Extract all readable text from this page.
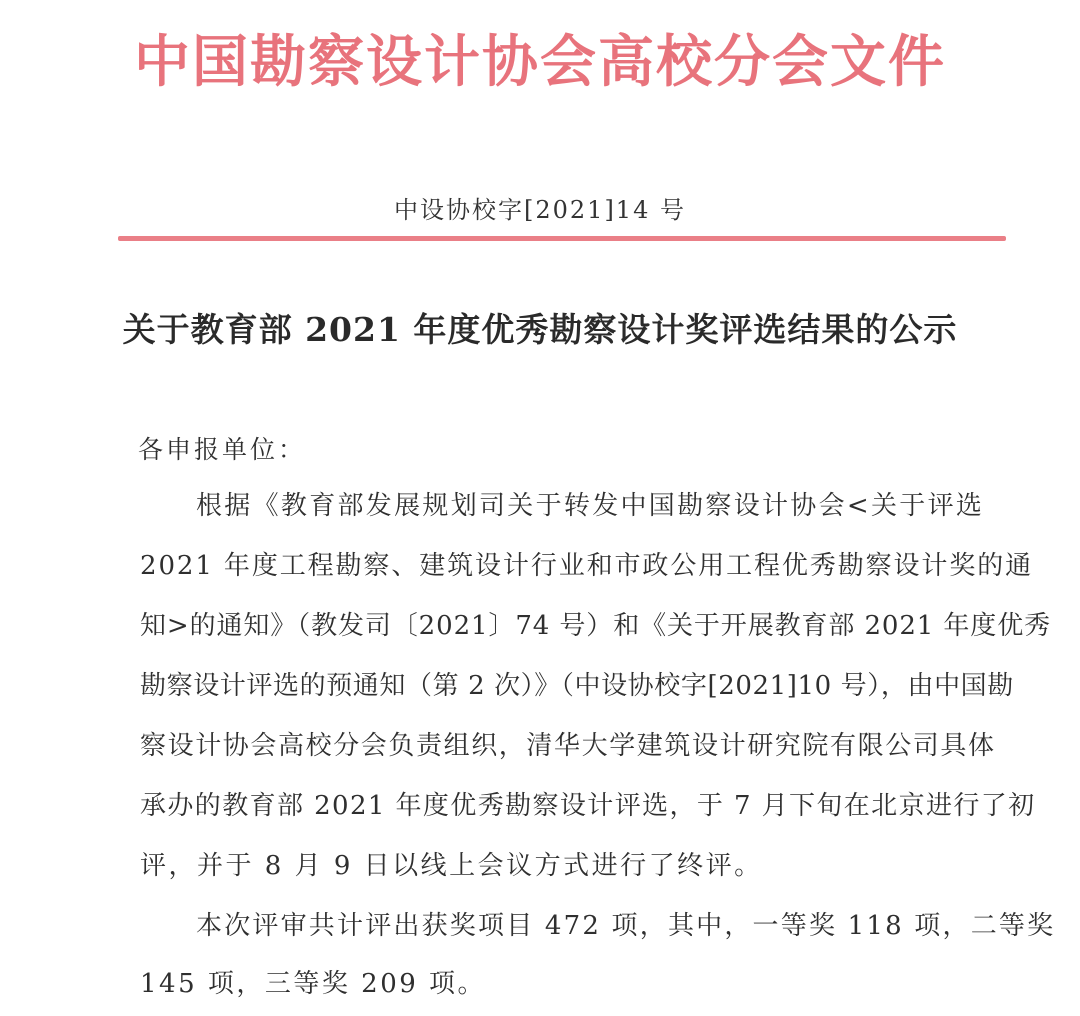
中国勘察设计协会高校分会文件
中设协校字[2021]14 号
关于教育部 2021 年度优秀勘察设计奖评选结果的公示
各申报单位：
根据《教育部发展规划司关于转发中国勘察设计协会<关于评选
2021 年度工程勘察、建筑设计行业和市政公用工程优秀勘察设计奖的通
知>的通知》（教发司〔2021〕74 号）和《关于开展教育部 2021 年度优秀
勘察设计评选的预通知（第 2 次）》（中设协校字[2021]10 号），由中国勘
察设计协会高校分会负责组织，清华大学建筑设计研究院有限公司具体
承办的教育部 2021 年度优秀勘察设计评选，于 7 月下旬在北京进行了初
评，并于 8 月 9 日以线上会议方式进行了终评。
本次评审共计评出获奖项目 472 项，其中，一等奖 118 项，二等奖
145 项，三等奖 209 项。
